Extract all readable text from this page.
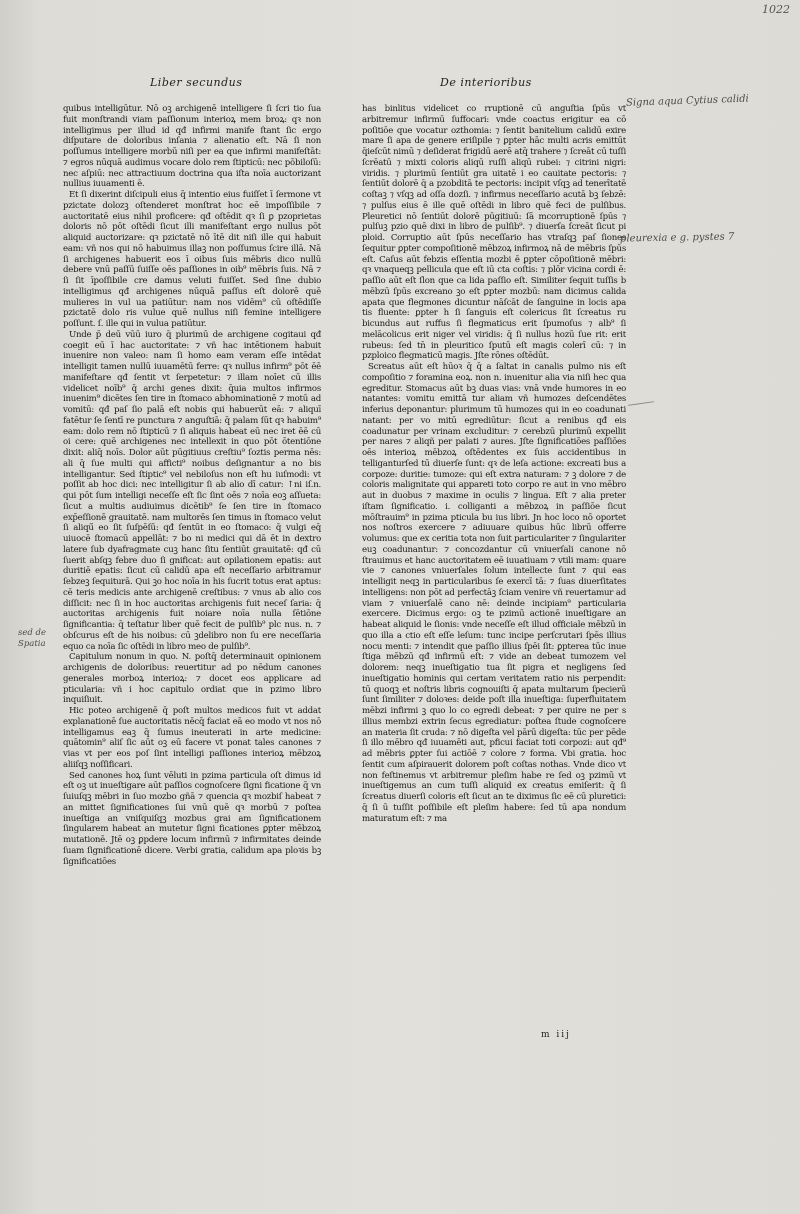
1022
Liber secundus	De interioribus

quibus intelligūtur. Nō oꝫ archigenē intelligere ſi ſcri tio ſua fuit monſtrandi viam paſſionum interioꝝ mem broꝝ: qꝛ non intelligimus per illud id qđ infirmi manife ſtant ſic ergo diſputare de doloribus inſania ⁊ alienatio eſt. Nā ſi non poſſumus intelligere morbū niſi per ea que infirmi manifeſtāt: ⁊ egros nūquā audimus vocare dolo rem ſtipticū: nec pōbiloſū: nec aſpiū: nec attractiuum doctrina qua iſta noīa auctorizant nullius iuuamenti ē.

Et ſi dixerint diſcipuli eius q̄ intentio eius fuiſſet ī ſermone vt pzictate dolozꝫ oſtenderet monſtrat hoc eē impoſſibile ⁊ auctoritatē eius nihil proficere: qđ oſtēdit qꝛ ſi ꝑ pzoprietas doloris nō pōt oſtēdi ſicut illi manifeſtant ergo nullus pōt aliquid auctorizare: qꝛ pzictatē nō ītē dit niſi ille qui habuit eam: vñ nos qui nō habuimus illaꝫ non poſſumus ſcire illā. Nā ſi archigenes habuerit eos ī oibus ſuis mēbris dico nullū debere vnū paſſū ſuiſſe oēs paſſiones in oib⁹ mēbris ſuis. Nā ⁊ ſi ſit īpoſſibile cre damus veluti fuiſſet. Sed ſine dubio intelligimus qđ archigenes nūquā paſſus eſt dolorē quē mulieres in vul ua patiūtur: nam nos vidēm⁹ cū oſtēdiſſe pzictatē dolo ris vulue quē nullus niſi femine intelligere poſſunt. ſ. ille qui in vulua patiūtur.

Unde p̄ deū vūū iuro q̄ plurimū de archigene cogitaui qđ coegit eū ī hac auctoritate: ⁊ vñ hac intētionem habuit inuenire non valeo: nam ſi homo eam veram eſſe intēdat intelligit tamen nullū iuuamētū ferre: qꝛ nullus infirm⁹ pōt ēē manifeſtare qđ ſentit vt ſerpetetur: ⁊ illam noīet cū illis videlicet noīb⁹ q̄ archi genes dixit: q̄uia multos infirmos inuenim⁹ dicētes ſen tire in ſtomaco abhominationē ⁊ motū ad vomitū: qđ paſ ſio palā eſt nobis qui habuerūt eā: ⁊ aliquī fatētur ſe ſentī re punctura ⁊ anguſtiā: q̄ palam ſūt qꝛ habuim⁹ eam: dolo rem nō ſtipticū ⁊ ſi aliquis habeat eū nec iret ēē cū oi cere: quē archigenes nec intellexit in quo pōt ōtentiōne dixit: aliq̄ noīs. Dolor aūt pūgitiuus creſtiu⁹ ſoztis perma nēs: ali q̄ ſue multi qui afficti⁹ noibus deſignantur a no bis intelligantur. Sed ſtiptic⁹ vel nebiloſus non eſt hu iuſmodi: vt poſſit ab hoc dici: nec intelligitur ſi ab alio dī catur: ↑ni iſ.n. qui pōt ſum intelligi neceſſe eſt ſic ſint oēs ⁊ noīa eoꝫ aſſueta: ſicut a multis audiuimus dicētib⁹ ſe ſen tire in ſtomaco exp̄eſſionē grauitatē. nam multorēs ſen timus in ſtomaco velut ſi aliqū̄ eo ſit ſuſpēſū: qđ ſentūt in eo ſtomaco: q̄ vulgi eq̄ uiuocē ſtomacū appellāt: ⁊ bo ni medici qui dā ēt in dextro latere ſub dyafragmate cuꝫ hanc ſitu ſentiūt grauitatē: qđ cū ſuerit abſqꝫ febre duo ſi gnificat: aut opilationem epatis: aut duritiē epatis: ſicut cū calidū apa eſt neceſſario arbitramur ſebzeꝫ ſequiturā. Qui ꝫo hoc noīa in his ſucrit totus erat aptus: cē teris medicis ante archigenē creſtibus: ⁊ vnus ab alio cos diſſicit: nec ſi in hoc auctoritas archigenis fuit neceſ ſaria: q̄ auctoritas archigenis fuit noiare noīa nulla ſētiōne ſignificantia: q̄ teſtatur liber quē fecit de pulſib⁹ plc nus. n. ⁊ obſcurus eſt de his noibus: cū ꝫdelibro non ſu ere neceſſaria equo ca noīa ſic oſtēdi in libro meo de pulſib⁹.

Capitulum nonum in quo. N. poſtq̄ determinauit opinionem archigenis de doloribus: reuertitur ad po nēdum canones generales morboꝝ interioꝝ: ⁊ docet eos applicare ad pticularia: vñ i hoc capitulo ordiat que in pzimo libro inquiſiuit.

Hic poteo archigenē q̄ poſt multos medicos fuit vt addat explanationē ſue auctoritatis nēcq̄ faciat eā eo modo vt nos nō intelligamus eaꝫ q̄ ſumus ineuterati in arte medicine: quātomin⁹ aliſ ſic aūt oꝫ eū facere vt ponat tales canones ⁊ vias vt per eos poſ ſint intelligi paſſiones interioꝝ mēbzoꝝ aliiſqꝫ noſſificari.

Sed canones hoꝝ ſunt vēluti in pzima particula oſt dimus id eſt oꝫ ut inueſtigare aūt paſſios cognoſcere ſigni ficatione q̄ vn ſuiuſqꝫ mēbri in ſuo mozbo gñā ⁊ quencia qꝛ mozbiſ habeat ⁊ an mittet ſignificationes ſui vnū quē qꝛ morbū ⁊ poſtea inueſtiga an vniſquiſqꝫ mozbus grai am ſignificationem ſingularem habeat an mutetur ſigni ficationes ꝑpter mēbzoꝝ mutationē. Jtē oꝫ ꝑpdere locum infirmū ⁊ infirmitates deinde ſuam ſignificationē dicere. Verbi gratia, calidum apa ploꝛis bꝫ ſignificatiōes

has binlitus videlicet co rruptionē cū anguſtia ſpūs vt arbitremur infirmū ſuffocari: vnde coactus erigitur ea cō poſitiōe que vocatur ozthomia: ⁊ ſentit banitelium calidū exire mare ſi apa de genere eriſipile ⁊ ꝑpter hāc multi acris emittūt q̄ieſcūt nimū ⁊ deſiderat frigidū aerē atq̄ trahere ⁊ ſcreāt cū tuſſi ſcrēatū ⁊ mixti coloris aliqū ruſſi aliqū rubei: ⁊ citrini nigri: viridis. ⁊ plurimū ſentiūt gra uitatē i eo cauitate pectoris: ⁊ ſentiūt dolorē q̄ a pzobditā te pectoris: incipit vſqꝫ ad tenerītatē coſtaꝫ ⁊ vſqꝫ ad oſſa dozſi. ⁊ infirmus neceſſario acutā bꝫ ſebzē: ⁊ pulſus eius ē ille quē oſtēdi in libro quē feci de pulſibus. Pleuretici nō ſentiūt dolorē pūgitiuū: ſā mcorruptionē ſpūs ⁊ pulſuꝫ pzio quē dixi in libro de pulſib⁹. ⁊ diuerſa ſcreāt ſicut pi ploid. Corruptio aūt ſpūs neceſſario has vtraſqꝫ paſ ſiones ſequitur ꝑpter compoſitionē mēbzoꝝ infirmoꝝ nā de mēbris ſpūs eſt. Caſus aūt febzis eſſentia mozbi ē ꝑpter cōpoſitionē mēbri: qꝛ vnaqueqꝫ pellicula que eſt iū cta coſtis: ⁊ plōr vicina cordi ē: paſſio aūt eſt ſlon que ca lida paſſio eſt. Similiter ſequit tuſſis b mēbzū ſpūs excreano ꝫo eſt ꝑpter mozbū: nam dicimus calida apata que flegmones dicuntur nāſcāt de ſanguine in locis apa tis fluente: ꝑpter h ſi ſanguis eſt colericus ſit ſcreatus ru bicundus aut ruffus ſi flegmaticus erit ſpumoſus ⁊ alb⁹ ſi melācolicus erit niger vel viridis: q̄ ſi nullus hozū ſue rit: erit rubeus: ſed tn̄ in pleuritico ſputū eſt magis colerī cū: ⁊ in pzploico flegmaticū magis. Jſte rōnes oſtēdūt.

Screatus aūt eſt hūoꝛ q̄ q̄ a ſaltat in canalis pulmo nis eſt compoſitio ⁊ foramina eoꝝ. non n. inuenitur alia via niſi hec qua egreditur. Stomacus aūt bꝫ duas vias: vnā vnde humores in eo natantes: vomitu emittā tur aliam vñ humozes deſcendētes inferius deponantur: plurimum tū humozes qui in eo coadunati natant: per vo mitū egrediūtur: ſicut a renibus qđ eis coadunatur per vrinam excluditur: ⁊ cerebzū plurimū expellit per nares ⁊ aliqñ per palati ⁊ aures. Jſte ſignificatiōes paſſiōes oēs interioꝝ mēbzoꝝ oſtēdentes ex ſuis accidentibus in telliganturſed tū diuerſe ſunt: qꝛ de leſa actione: excreati bus a corpoze: duritie: tumoze: qui eſt extra naturam: ⁊ ꝫ dolore ⁊ de coloris malignitate qui appareti toto corpo re aut in vno mēbro aut in duobus ⁊ maxime in oculis ⁊ lingua. Eſt ⁊ alia preter iſtam ſignificatio. i. colliganti a mēbzoꝝ in paſſiōe ſicut mōſtrauim⁹ in pzima pticula bu ius libri. Jn hoc loco nō oportet nos noſtros exercere ⁊ adiuuare quibus hūc librū offerre volumus: que ex ceritia tota non ſuit particulariter ⁊ ſingulariter euꝫ coadunantur: ⁊ concozdantur cū vniuerſali canone nō ſtrauimus et hanc auctoritatem eē iuuatiuam ⁊ vtili mam: quare vie ⁊ canones vniuerſales ſolum intellecte ſunt ⁊ qui eas intelligit neqꝫ in particularibus ſe exercī tā: ⁊ ſuas diuerſitates intelligens: non pōt ad perfectāꝫ ſciam venire vñ reuertamur ad viam ⁊ vniuerſalē cano nē: deinde incipiam⁹ particularia exercere. Dicimus ergo: oꝫ te pzimū actionē inueſtigare an habeat aliquid le ſionis: vnde neceſſe eſt illud officiale mēbzū in quo illa a ctio eſt eſſe leſum: tunc incipe perſcrutari ſpēs illius nocu menti: ⁊ intendit que paſſio illius ſpēi ſit: ꝑpterea tūc inue ſtiga mēbzū qđ infirmū eſt: ⁊ vide an debeat tumozem vel dolorem: neqꝫ inueſtigatio tua ſit pigra et negligens ſed inueſtigatio hominis qui certam veritatem ratio nis perpendit: tū quoqꝫ et noſtris libris cognouiſti q̄ apata multarum ſpecierū ſunt ſimiliter ⁊ doloꝛes: deide poſt illa inueſtiga: ſuperfluitatem mēbzi infirmi ꝫ quo lo co egredi debeat: ⁊ per quire ne per s illius membzi extrin ſecus egrediatur: poſtea ſtude cognoſcere an materia ſit cruda: ⁊ nō digeſta vel pārū digeſta: tūc per pēde ſi illo mēbro qđ iuuamēti aut, pficui faciat toti corpozi: aut qđ⁹ ad mēbris ꝑpter ſui actiōē ⁊ colore ⁊ forma. Vbi gratia. hoc ſentit cum aſpirauerit dolorem poſt coſtas nothas. Vnde dico vt non feſtinemus vt arbitremur pleſim habe re ſed oꝫ pzimū vt inueſtigemus an cum tuſſi aliquid ex creatus emiſerit: q̄ ſi ſcreatus diuerſi coloris eſt ſicut an te diximus ſic eē cū pluretici: q̄ ſi ū tuſſit poſſibile eſt pleſim habere: ſed tū apa nondum maturatum eſt: ⁊ ma

m iij
Signa aqua Cytius calidi
pleurexia e g. pystes 7
sed de Spatia
